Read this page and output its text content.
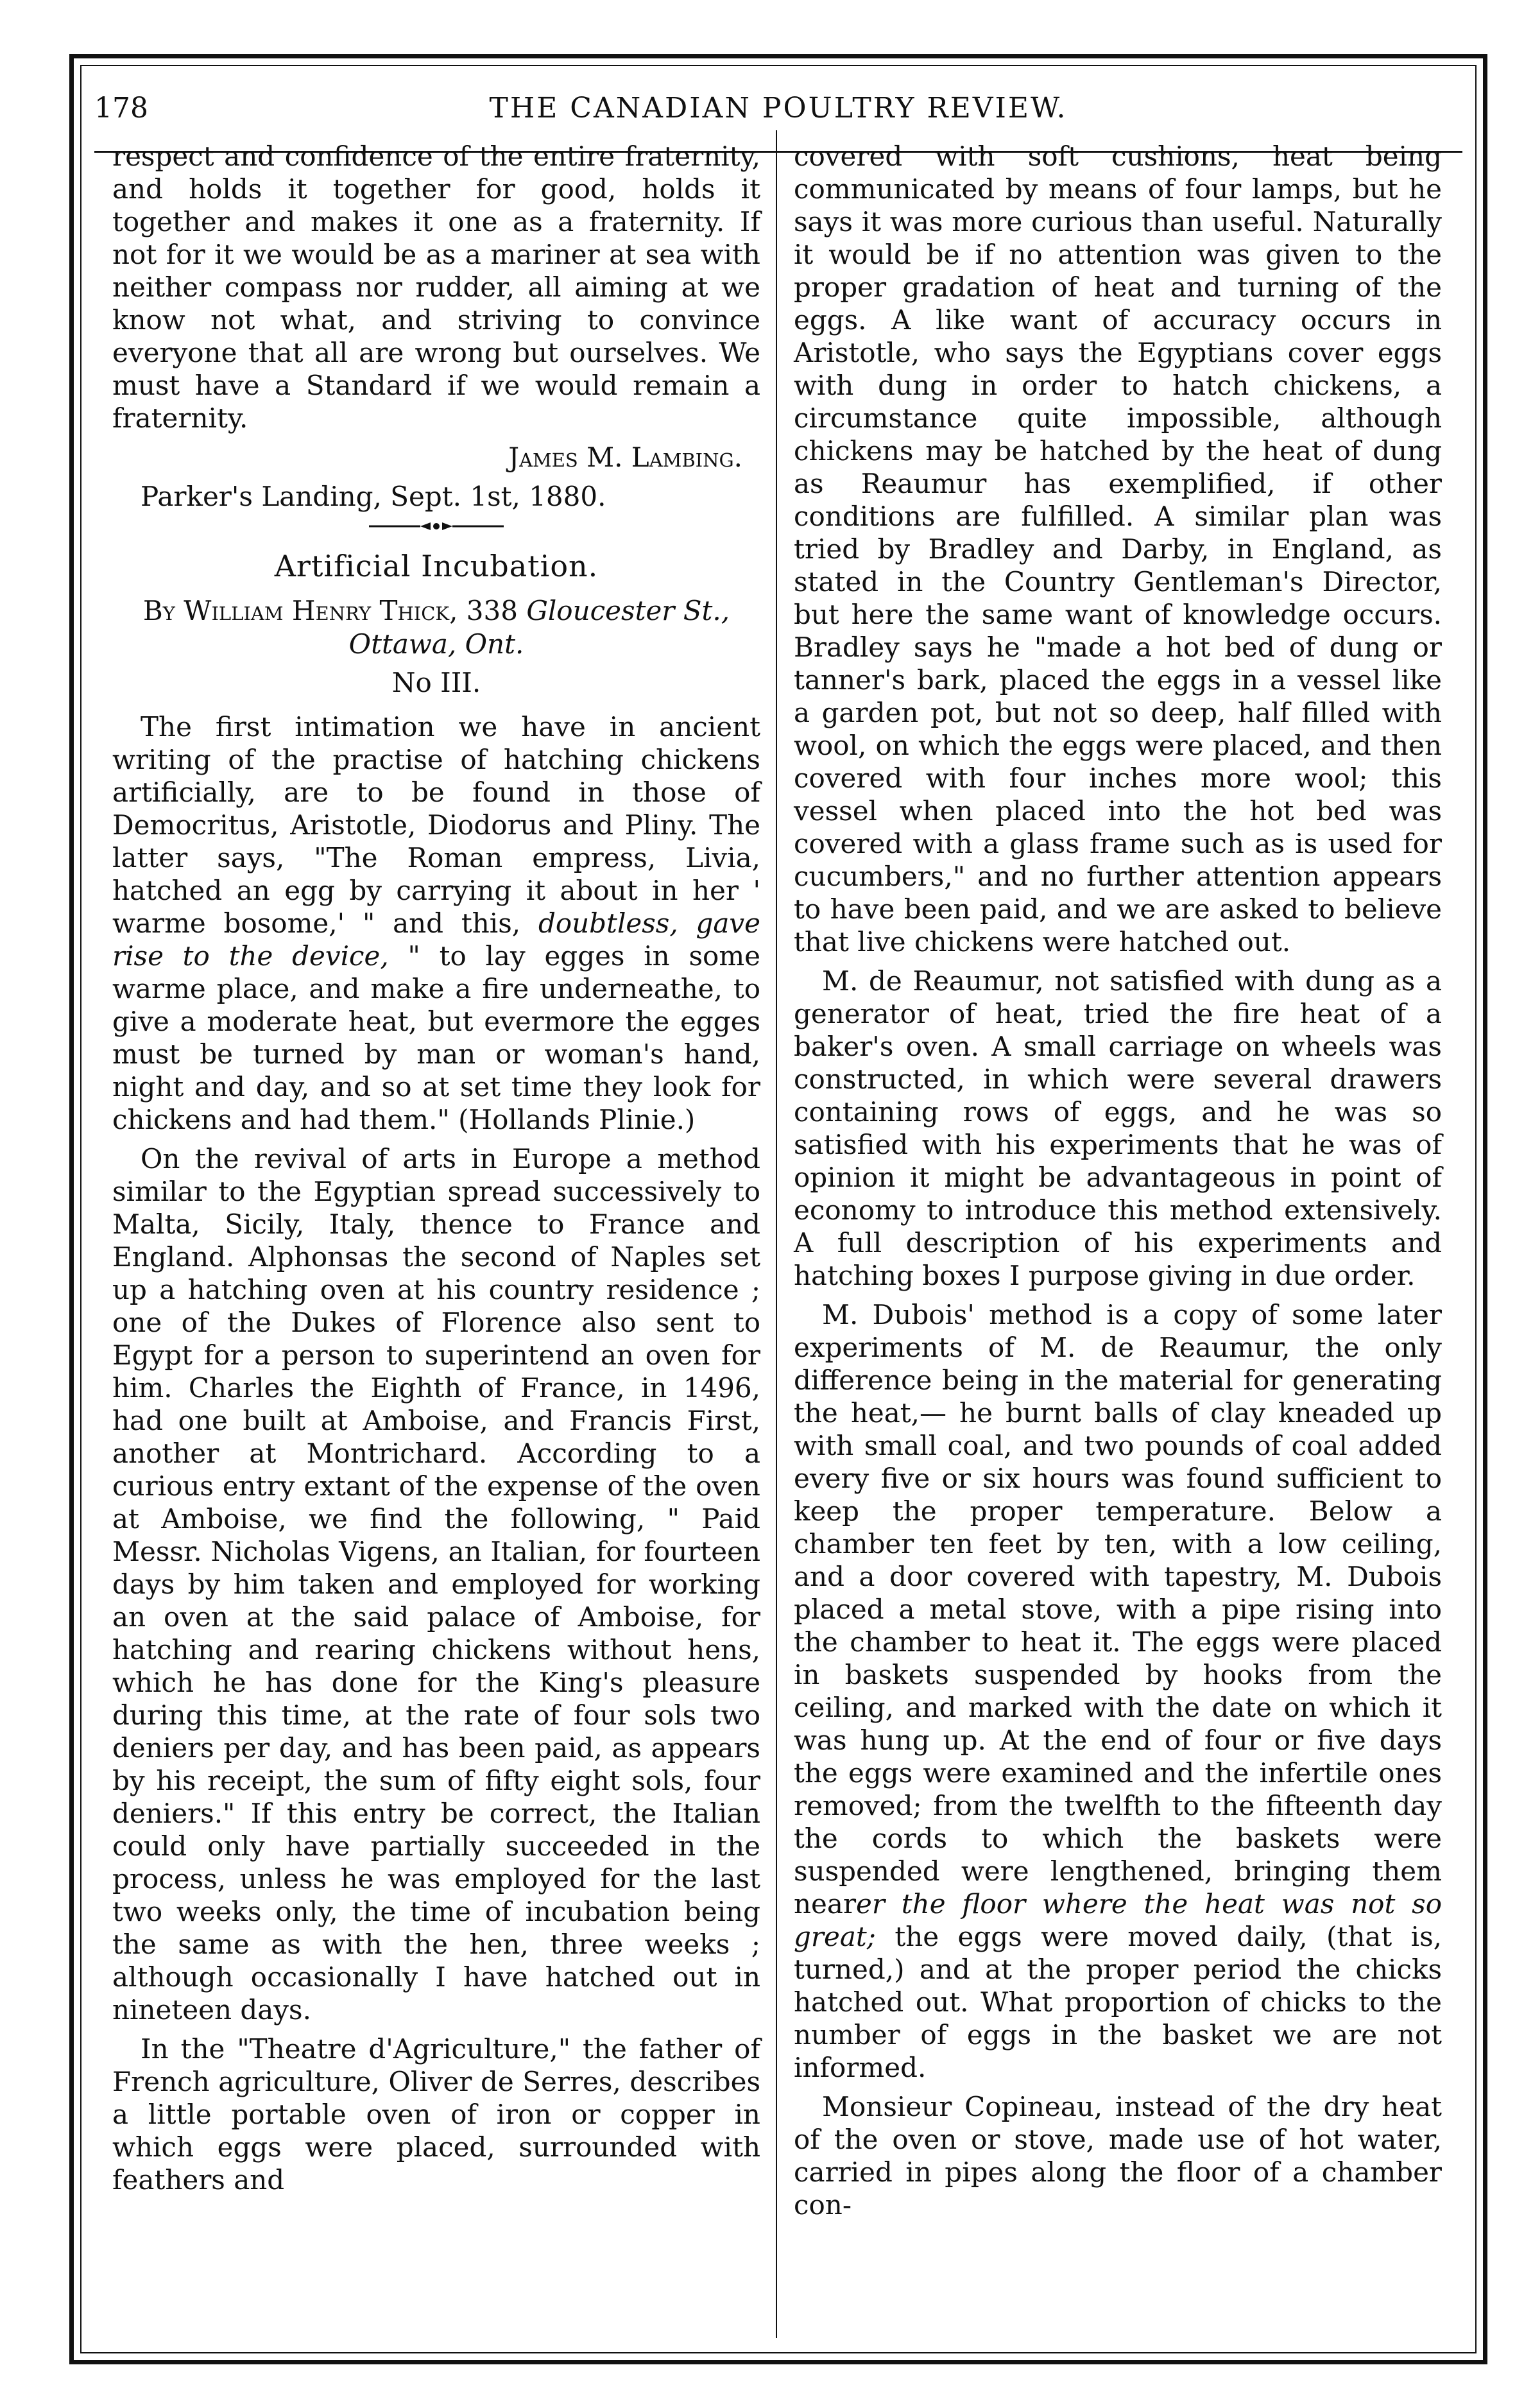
178	THE CANADIAN POULTRY REVIEW.

respect and confidence of the entire fraternity, and holds it together for good, holds it together and makes it one as a fraternity. If not for it we would be as a mariner at sea with neither compass nor rudder, all aiming at we know not what, and striving to convince everyone that all are wrong but ourselves. We must have a Standard if we would remain a fraternity.

James M. Lambing.

Parker's Landing, Sept. 1st, 1880.

Artificial Incubation.
By William Henry Thick, 338 Gloucester St., Ottawa, Ont.
No III.

The first intimation we have in ancient writing of the practise of hatching chickens artificially, are to be found in those of Democritus, Aristotle, Diodorus and Pliny. The latter says, "The Roman empress, Livia, hatched an egg by carrying it about in her ' warme bosome,' " and this, doubtless, gave rise to the device, " to lay egges in some warme place, and make a fire underneathe, to give a moderate heat, but evermore the egges must be turned by man or woman's hand, night and day, and so at set time they look for chickens and had them." (Hollands Plinie.)

On the revival of arts in Europe a method similar to the Egyptian spread successively to Malta, Sicily, Italy, thence to France and England. Alphonsas the second of Naples set up a hatching oven at his country residence ; one of the Dukes of Florence also sent to Egypt for a person to superintend an oven for him. Charles the Eighth of France, in 1496, had one built at Amboise, and Francis First, another at Montrichard. According to a curious entry extant of the expense of the oven at Amboise, we find the following, " Paid Messr. Nicholas Vigens, an Italian, for fourteen days by him taken and employed for working an oven at the said palace of Amboise, for hatching and rearing chickens without hens, which he has done for the King's pleasure during this time, at the rate of four sols two deniers per day, and has been paid, as appears by his receipt, the sum of fifty eight sols, four deniers." If this entry be correct, the Italian could only have partially succeeded in the process, unless he was employed for the last two weeks only, the time of incubation being the same as with the hen, three weeks ; although occasionally I have hatched out in nineteen days.

In the "Theatre d'Agriculture," the father of French agriculture, Oliver de Serres, describes a little portable oven of iron or copper in which eggs were placed, surrounded with feathers and

covered with soft cushions, heat being communicated by means of four lamps, but he says it was more curious than useful. Naturally it would be if no attention was given to the proper gradation of heat and turning of the eggs. A like want of accuracy occurs in Aristotle, who says the Egyptians cover eggs with dung in order to hatch chickens, a circumstance quite impossible, although chickens may be hatched by the heat of dung as Reaumur has exemplified, if other conditions are fulfilled. A similar plan was tried by Bradley and Darby, in England, as stated in the Country Gentleman's Director, but here the same want of knowledge occurs. Bradley says he "made a hot bed of dung or tanner's bark, placed the eggs in a vessel like a garden pot, but not so deep, half filled with wool, on which the eggs were placed, and then covered with four inches more wool; this vessel when placed into the hot bed was covered with a glass frame such as is used for cucumbers," and no further attention appears to have been paid, and we are asked to believe that live chickens were hatched out.

M. de Reaumur, not satisfied with dung as a generator of heat, tried the fire heat of a baker's oven. A small carriage on wheels was constructed, in which were several drawers containing rows of eggs, and he was so satisfied with his experiments that he was of opinion it might be advantageous in point of economy to introduce this method extensively. A full description of his experiments and hatching boxes I purpose giving in due order.

M. Dubois' method is a copy of some later experiments of M. de Reaumur, the only difference being in the material for generating the heat,— he burnt balls of clay kneaded up with small coal, and two pounds of coal added every five or six hours was found sufficient to keep the proper temperature. Below a chamber ten feet by ten, with a low ceiling, and a door covered with tapestry, M. Dubois placed a metal stove, with a pipe rising into the chamber to heat it. The eggs were placed in baskets suspended by hooks from the ceiling, and marked with the date on which it was hung up. At the end of four or five days the eggs were examined and the infertile ones removed; from the twelfth to the fifteenth day the cords to which the baskets were suspended were lengthened, bringing them nearer the floor where the heat was not so great; the eggs were moved daily, (that is, turned,) and at the proper period the chicks hatched out. What proportion of chicks to the number of eggs in the basket we are not informed.

Monsieur Copineau, instead of the dry heat of the oven or stove, made use of hot water, carried in pipes along the floor of a chamber con-
